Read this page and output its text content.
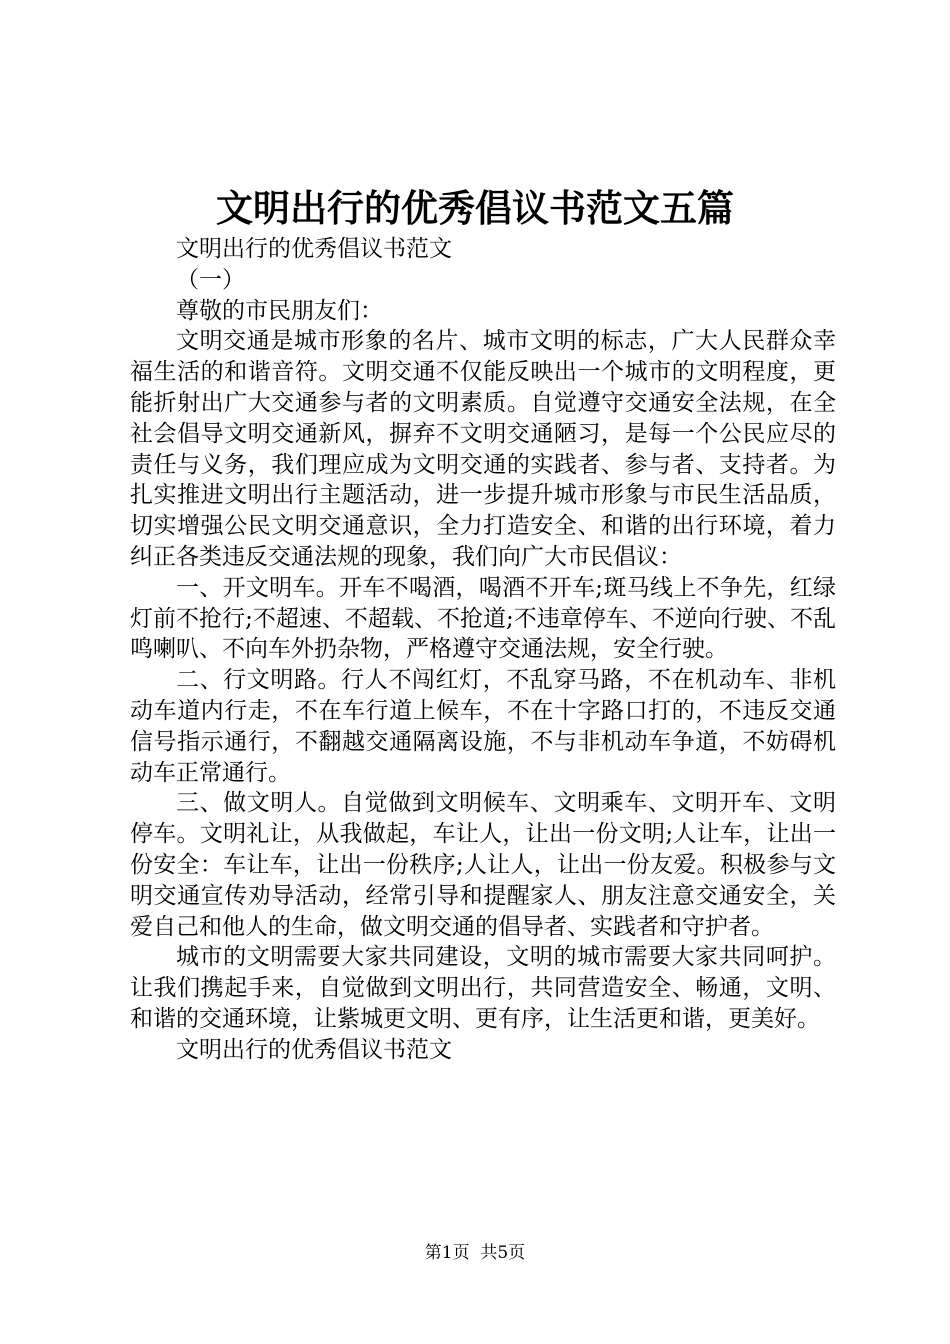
文明出行的优秀倡议书范文五篇

文明出行的优秀倡议书范文

（一）

尊敬的市民朋友们：

文明交通是城市形象的名片、城市文明的标志，广大人民群众幸福生活的和谐音符。文明交通不仅能反映出一个城市的文明程度，更能折射出广大交通参与者的文明素质。自觉遵守交通安全法规，在全社会倡导文明交通新风，摒弃不文明交通陋习，是每一个公民应尽的责任与义务，我们理应成为文明交通的实践者、参与者、支持者。为扎实推进文明出行主题活动，进一步提升城市形象与市民生活品质，切实增强公民文明交通意识，全力打造安全、和谐的出行环境，着力纠正各类违反交通法规的现象，我们向广大市民倡议：

一、开文明车。开车不喝酒，喝酒不开车;斑马线上不争先，红绿灯前不抢行;不超速、不超载、不抢道;不违章停车、不逆向行驶、不乱鸣喇叭、不向车外扔杂物，严格遵守交通法规，安全行驶。

二、行文明路。行人不闯红灯，不乱穿马路，不在机动车、非机动车道内行走，不在车行道上候车，不在十字路口打的，不违反交通信号指示通行，不翻越交通隔离设施，不与非机动车争道，不妨碍机动车正常通行。

三、做文明人。自觉做到文明候车、文明乘车、文明开车、文明停车。文明礼让，从我做起，车让人，让出一份文明;人让车，让出一份安全：车让车，让出一份秩序;人让人，让出一份友爱。积极参与文明交通宣传劝导活动，经常引导和提醒家人、朋友注意交通安全，关爱自己和他人的生命，做文明交通的倡导者、实践者和守护者。

城市的文明需要大家共同建设，文明的城市需要大家共同呵护。让我们携起手来，自觉做到文明出行，共同营造安全、畅通，文明、和谐的交通环境，让紫城更文明、更有序，让生活更和谐，更美好。

文明出行的优秀倡议书范文

第1页  共5页
